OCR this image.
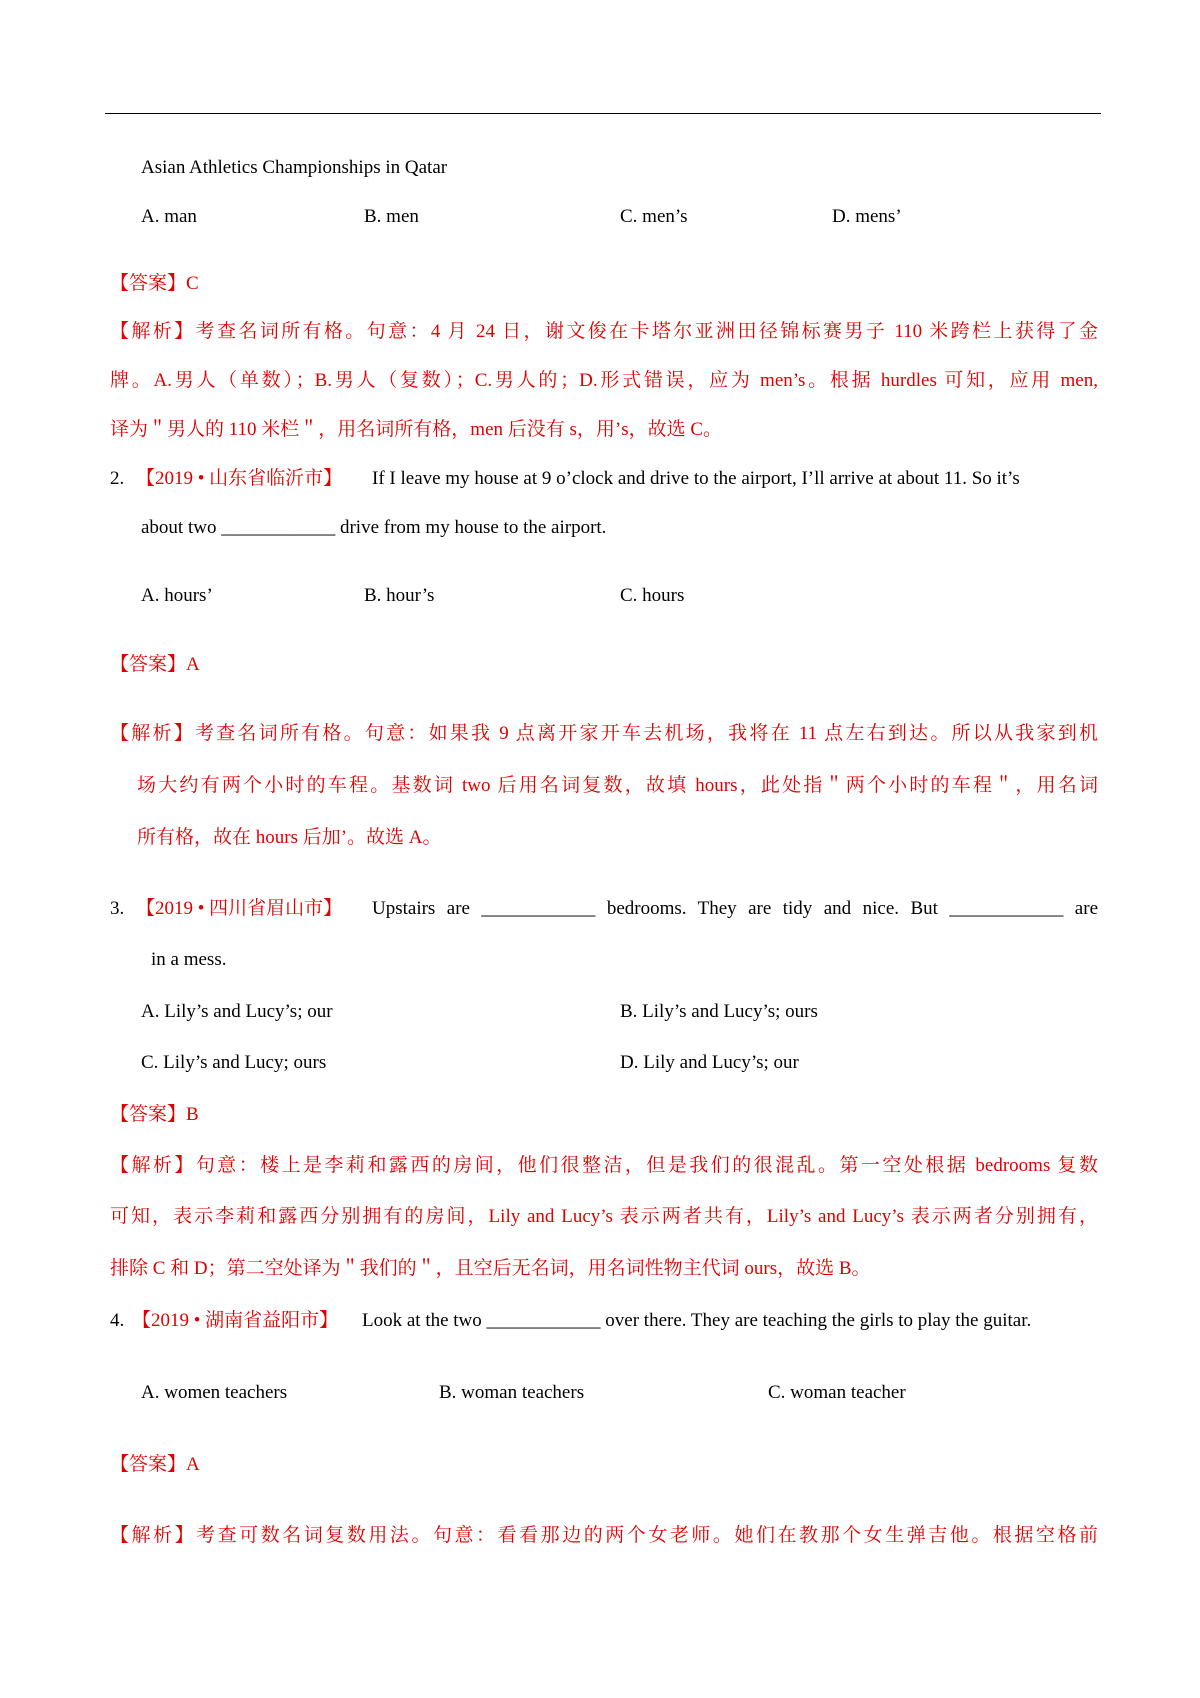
Asian Athletics Championships in Qatar
A. man	B. men	C. men’s	D. mens’
【答案】C
【解析】考查名词所有格。句意：4 月 24 日，谢文俊在卡塔尔亚洲田径锦标赛男子 110 米跨栏上获得了金
牌。A.男人（单数）；B.男人（复数）；C.男人的；D.形式错误，应为 men’s。根据 hurdles 可知，应用 men,
译为＂男人的 110 米栏＂，用名词所有格，men 后没有 s，用’s，故选 C。
2. 【2019 • 山东省临沂市】 If I leave my house at 9 o’clock and drive to the airport, I’ll arrive at about 11. So it’s
about two ____________ drive from my house to the airport.
A. hours’	B. hour’s	C. hours
【答案】A
【解析】考查名词所有格。句意：如果我 9 点离开家开车去机场，我将在 11 点左右到达。所以从我家到机
场大约有两个小时的车程。基数词 two 后用名词复数，故填 hours，此处指＂两个小时的车程＂，用名词
所有格，故在 hours 后加’。故选 A。
3. 【2019 • 四川省眉山市】 Upstairs are ____________ bedrooms. They are tidy and nice. But ____________ are
in a mess.
A. Lily’s and Lucy’s; our	B. Lily’s and Lucy’s; ours
C. Lily’s and Lucy; ours	D. Lily and Lucy’s; our
【答案】B
【解析】句意：楼上是李莉和露西的房间，他们很整洁，但是我们的很混乱。第一空处根据 bedrooms 复数
可知，表示李莉和露西分别拥有的房间，Lily and Lucy’s 表示两者共有，Lily’s and Lucy’s 表示两者分别拥有，
排除 C 和 D；第二空处译为＂我们的＂，且空后无名词，用名词性物主代词 ours，故选 B。
4. 【2019 • 湖南省益阳市】 Look at the two ____________ over there. They are teaching the girls to play the guitar.
A. women teachers	B. woman teachers	C. woman teacher
【答案】A
【解析】考查可数名词复数用法。句意：看看那边的两个女老师。她们在教那个女生弹吉他。根据空格前
